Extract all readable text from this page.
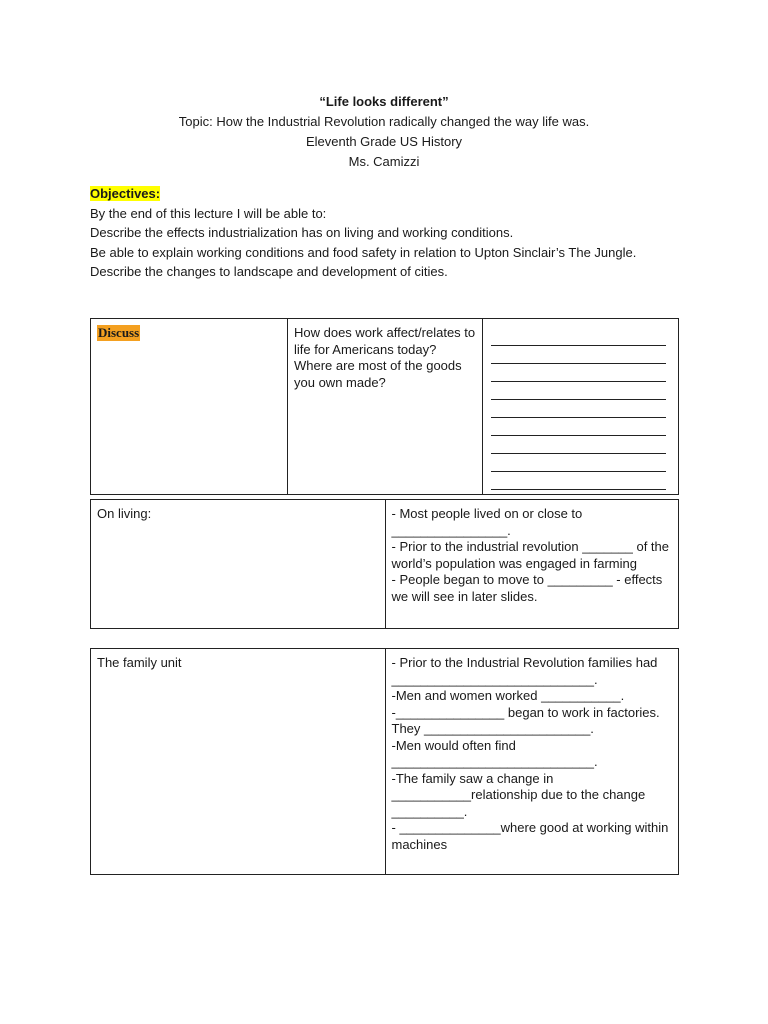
“Life looks different”
Topic: How the Industrial Revolution radically changed the way life was.
Eleventh Grade US History
Ms. Camizzi
Objectives:
By the end of this lecture I will be able to:
Describe the effects industrialization has on living and working conditions.
Be able to explain working conditions and food safety in relation to Upton Sinclair’s The Jungle.
Describe the changes to landscape and development of cities.
Discuss	How does work affect/relates to life for Americans today? Where are most of the goods you own made?

On living:	- Most people lived on or close to ________________.
- Prior to the industrial revolution _______ of the world’s population was engaged in farming
- People began to move to _________ - effects we will see in later slides.
The family unit	- Prior to the Industrial Revolution families had ____________________________.
-Men and women worked ___________.
-_______________ began to work in factories. They _______________________.
-Men would often find ____________________________.
-The family saw a change in ___________relationship due to the change __________.
- ______________where good at working within machines
